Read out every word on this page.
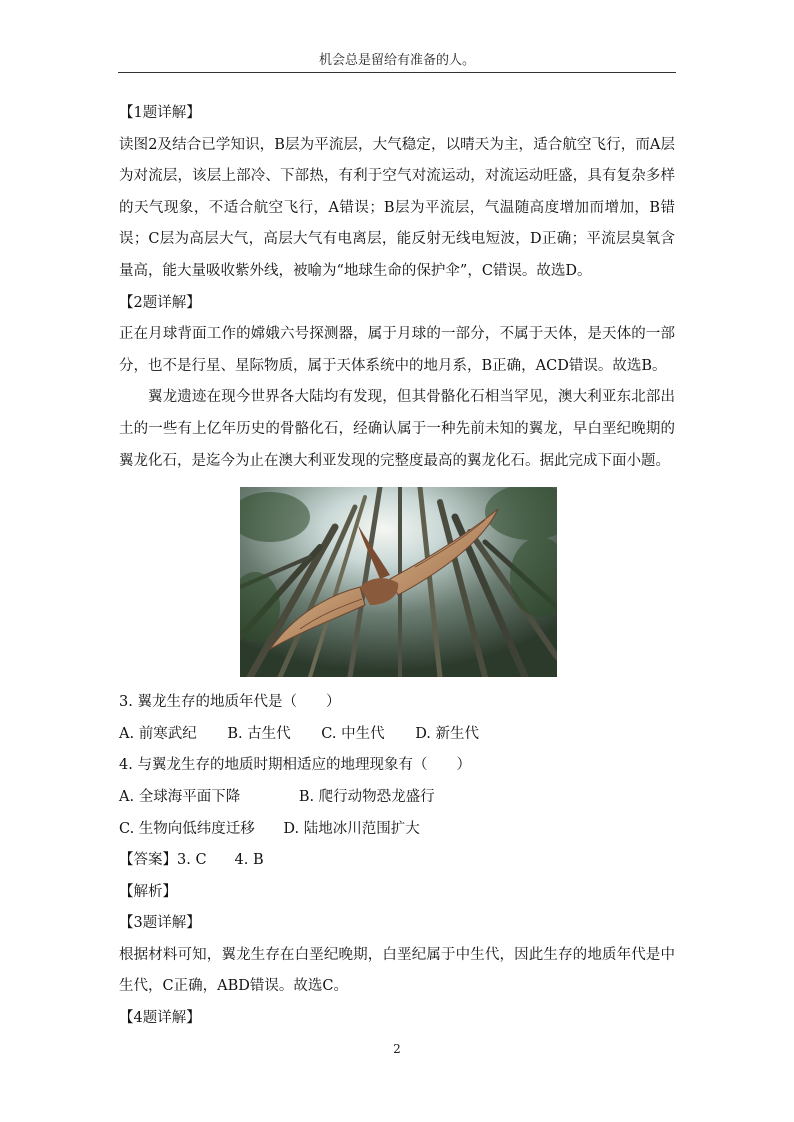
机会总是留给有准备的人。

【1题详解】

读图2及结合已学知识，B层为平流层，大气稳定，以晴天为主，适合航空飞行，而A层为对流层，该层上部冷、下部热，有利于空气对流运动，对流运动旺盛，具有复杂多样的天气现象，不适合航空飞行，A错误；B层为平流层，气温随高度增加而增加，B错误；C层为高层大气，高层大气有电离层，能反射无线电短波，D正确；平流层臭氧含量高，能大量吸收紫外线，被喻为“地球生命的保护伞”，C错误。故选D。

【2题详解】

正在月球背面工作的嫦娥六号探测器，属于月球的一部分，不属于天体，是天体的一部分，也不是行星、星际物质，属于天体系统中的地月系，B正确，ACD错误。故选B。

翼龙遗迹在现今世界各大陆均有发现，但其骨骼化石相当罕见，澳大利亚东北部出土的一些有上亿年历史的骨骼化石，经确认属于一种先前未知的翼龙，早白垩纪晚期的翼龙化石，是迄今为止在澳大利亚发现的完整度最高的翼龙化石。据此完成下面小题。

3. 翼龙生存的地质年代是（　　）

A. 前寒武纪 B. 古生代 C. 中生代 D. 新生代

4. 与翼龙生存的地质时期相适应的地理现象有（　　）

A. 全球海平面下降	B. 爬行动物恐龙盛行

C. 生物向低纬度迁移 D. 陆地冰川范围扩大

【答案】3. C 4. B

【解析】

【3题详解】

根据材料可知，翼龙生存在白垩纪晚期，白垩纪属于中生代，因此生存的地质年代是中生代，C正确，ABD错误。故选C。

【4题详解】

2
